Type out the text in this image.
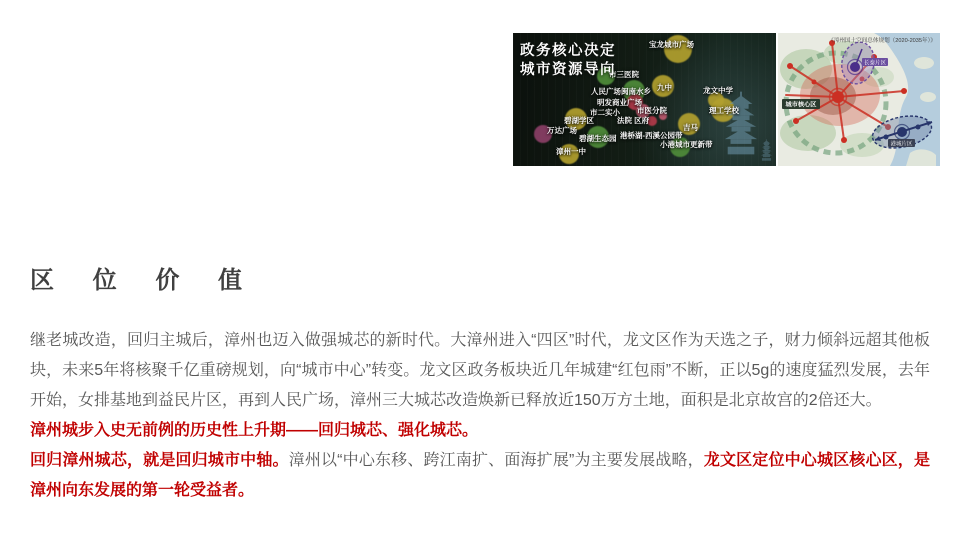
政务核心决定
城市资源导向
宝龙城市广场
市三医院
人民广场 闽南水乡 九中	龙文中学
明发商业广场
市医分院
市二实小
法院 区府
理工学校
碧湖学区
万达广场	吉马
碧湖生态园 港桥湖-西溪公园带
小港城市更新带
漳州一中
长泰片区
港城片区
城市核心区
《漳州国土空间总体规划（2020-2035年）》
区 位 价 值

继老城改造，回归主城后，漳州也迈入做强城芯的新时代。大漳州进入“四区”时代，龙文区作为天选之子，财力倾斜远超其他板块，未来5年将核聚千亿重磅规划，向“城市中心”转变。龙文区政务板块近几年城建“红包雨”不断，正以5g的速度猛烈发展，去年开始，女排基地到益民片区，再到人民广场，漳州三大城芯改造焕新已释放近150万方土地，面积是北京故宫的2倍还大。

漳州城步入史无前例的历史性上升期——回归城芯、强化城芯。

回归漳州城芯，就是回归城市中轴。漳州以“中心东移、跨江南扩、面海扩展”为主要发展战略，龙文区定位中心城区核心区，是漳州向东发展的第一轮受益者。
